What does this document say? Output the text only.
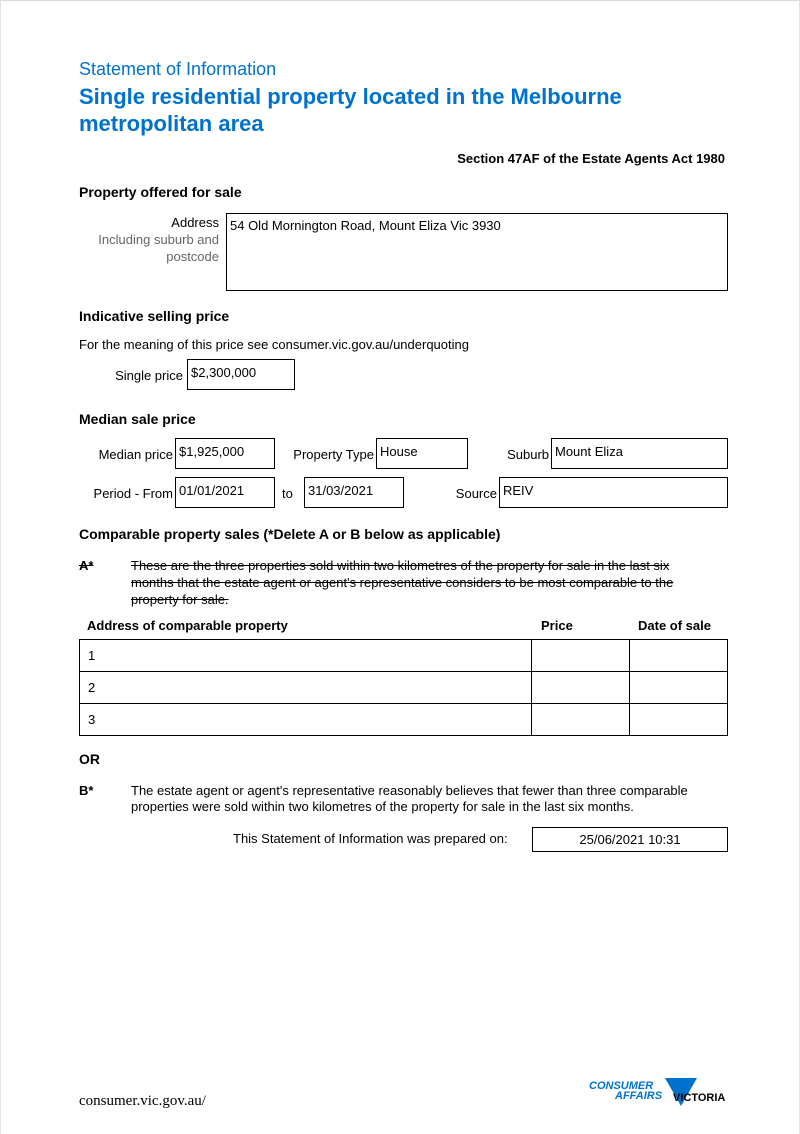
Statement of Information
Single residential property located in the Melbourne metropolitan area
Section 47AF of the Estate Agents Act 1980
Property offered for sale
Address
Including suburb and
postcode
54 Old Mornington Road, Mount Eliza Vic 3930
Indicative selling price
For the meaning of this price see consumer.vic.gov.au/underquoting
Single price $2,300,000
Median sale price
Median price $1,925,000	Property Type House	Suburb Mount Eliza
Period - From 01/01/2021	to	31/03/2021	Source REIV
Comparable property sales (*Delete A or B below as applicable)
A*	These are the three properties sold within two kilometres of the property for sale in the last six
months that the estate agent or agent's representative considers to be most comparable to the
property for sale.
Address of comparable property	Price	Date of sale
1		
2		
3		
OR
B*	The estate agent or agent's representative reasonably believes that fewer than three comparable
properties were sold within two kilometres of the property for sale in the last six months.
This Statement of Information was prepared on:	25/06/2021 10:31
consumer.vic.gov.au/
CONSUMER
AFFAIRS VICTORIA
